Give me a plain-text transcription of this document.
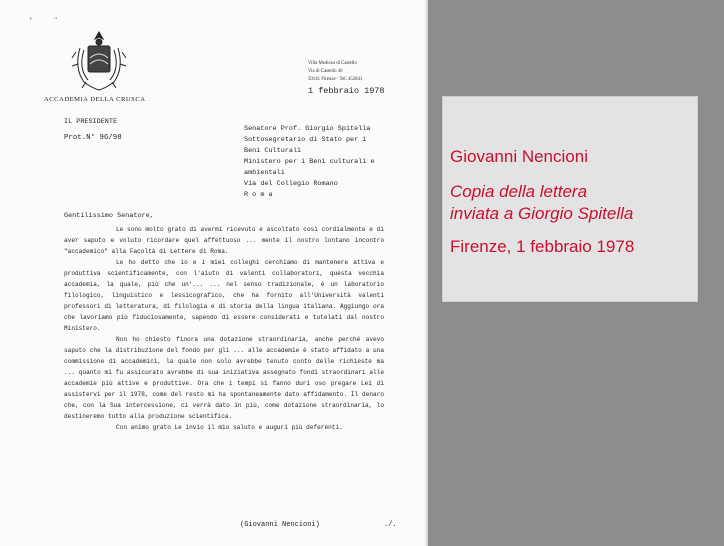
' ¨
ACCADEMIA DELLA CRUSCA
Villa Medicea di Castello
Via di Castello 46
50141 Firenze - Tel. 452841
1 febbraio 1978
IL PRESIDENTE
Prot.N° 96/98
Senatore Prof. Giorgio Spitella
Sottosegretario di Stato per i
Beni Culturali
Ministero per i Beni culturali e
ambientali
Via del Collegio Romano
R o m a
Gentilissimo Senatore,

Le sono molto grato di avermi ricevuto e ascoltato così cordialmente e di aver saputo e voluto ricordare quel affettuoso ... mente il nostro lontano incontro "accademico" alla Facoltà di Lettere di Roma.

Le ho detto che io e i miei colleghi cerchiamo di mantenere attiva e produttiva scientificamente, con l'aiuto di valenti collaboratori, questa vecchia accademia, la quale, più che un'... ... nel senso tradizionale, è un laboratorio filologico, linguistico e lessicografico, che ha fornito all'Università valenti professori di letteratura, di filologia e di storia della lingua italiana. Aggiungo ora che lavoriamo più fiduciosamente, sapendo di essere considerati e tutelati dal nostro Ministero.

Non ho chiesto finora una dotazione straordinaria, anche perché avevo saputo che la distribuzione del fondo per gli ... alle accademie è stato affidato a una commissione di accademici, la quale non solo avrebbe tenuto conto delle richieste ma ... quanto mi fu assicurato avrebbe di sua iniziativa assegnato fondi straordinari alle accademie più attive e produttive. Ora che i tempi si fanno duri oso pregare Lei di assistervi per il 1978, come del resto mi ha spontaneamente dato affidamento. Il denaro che, con la Sua intercessione, ci verrà dato in più, come dotazione straordinaria, lo destineremo tutto alla produzione scientifica.

Con animo grato Le invio il mio saluto e auguri più deferenti.

(Giovanni Nencioni)	./.
Giovanni Nencioni
Copia della lettera
inviata a Giorgio Spitella
Firenze, 1 febbraio 1978
